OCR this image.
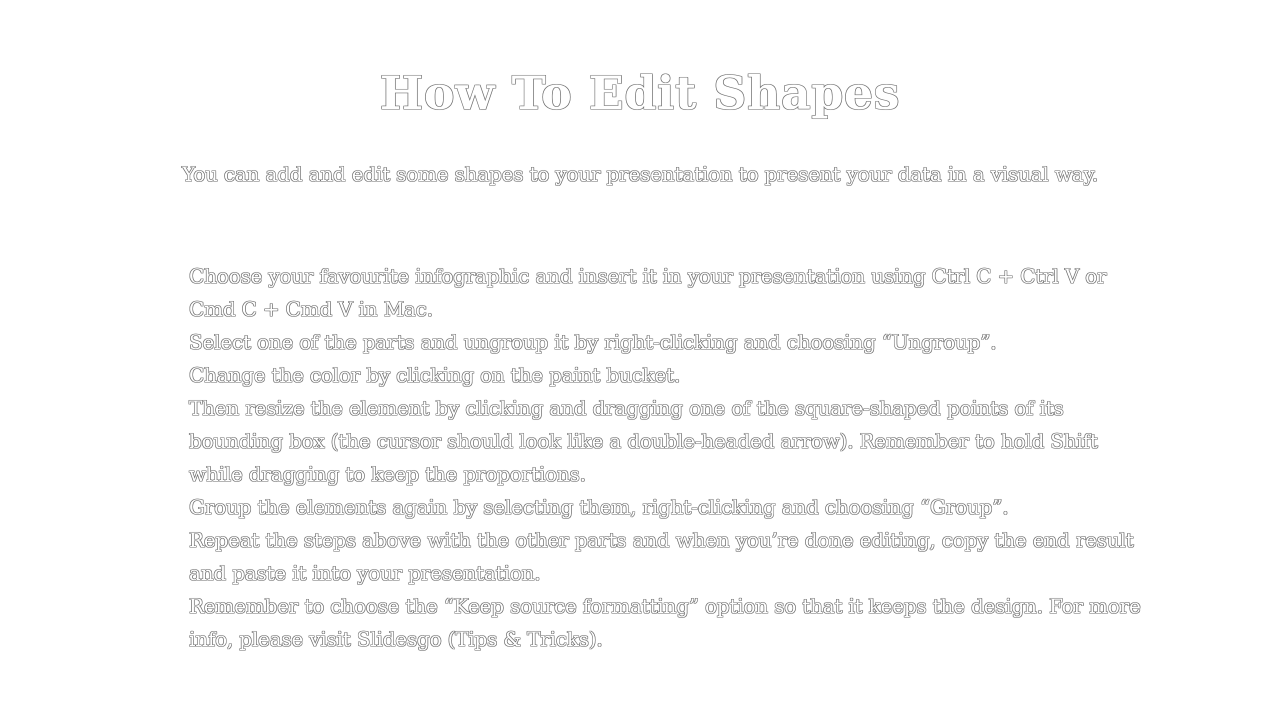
How To Edit Shapes

You can add and edit some shapes to your presentation to present your data in a visual way.

Choose your favourite infographic and insert it in your presentation using Ctrl C + Ctrl V or Cmd C + Cmd V in Mac.
Select one of the parts and ungroup it by right-clicking and choosing “Ungroup”.
Change the color by clicking on the paint bucket.
Then resize the element by clicking and dragging one of the square-shaped points of its bounding box (the cursor should look like a double-headed arrow). Remember to hold Shift while dragging to keep the proportions.
Group the elements again by selecting them, right-clicking and choosing “Group”.
Repeat the steps above with the other parts and when you’re done editing, copy the end result and paste it into your presentation.
Remember to choose the “Keep source formatting” option so that it keeps the design. For more info, please visit Slidesgo (Tips & Tricks).
